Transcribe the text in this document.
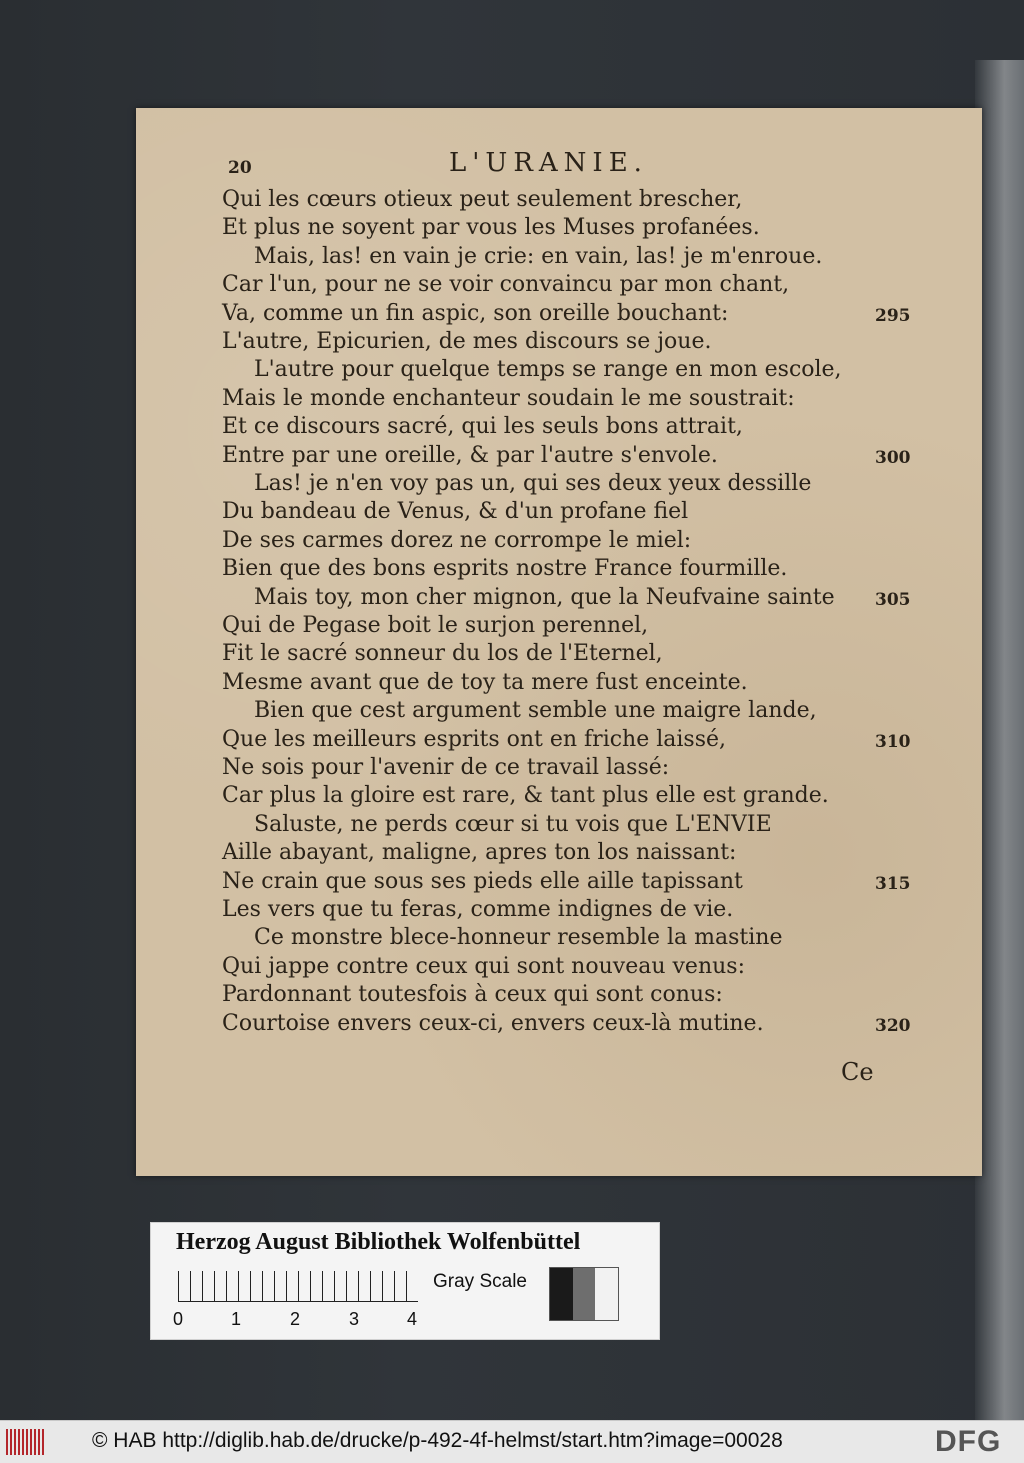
20	L'URANIE.
Qui les cœurs otieux peut seulement brescher,
Et plus ne soyent par vous les Muses profanées.
Mais, las! en vain je crie: en vain, las! je m'enroue.
Car l'un, pour ne se voir convaincu par mon chant,
Va, comme un fin aspic, son oreille bouchant:	295
L'autre, Epicurien, de mes discours se joue.
L'autre pour quelque temps se range en mon escole,
Mais le monde enchanteur soudain le me soustrait:
Et ce discours sacré, qui les seuls bons attrait,
Entre par une oreille, & par l'autre s'envole.	300
Las! je n'en voy pas un, qui ses deux yeux dessille
Du bandeau de Venus, & d'un profane fiel
De ses carmes dorez ne corrompe le miel:
Bien que des bons esprits nostre France fourmille.
Mais toy, mon cher mignon, que la Neufvaine sainte 305
Qui de Pegase boit le surjon perennel,
Fit le sacré sonneur du los de l'Eternel,
Mesme avant que de toy ta mere fust enceinte.
Bien que cest argument semble une maigre lande,
Que les meilleurs esprits ont en friche laissé,	310
Ne sois pour l'avenir de ce travail lassé:
Car plus la gloire est rare, & tant plus elle est grande.
Saluste, ne perds cœur si tu vois que L'ENVIE
Aille abayant, maligne, apres ton los naissant:
Ne crain que sous ses pieds elle aille tapissant	315
Les vers que tu feras, comme indignes de vie.
Ce monstre blece-honneur resemble la mastine
Qui jappe contre ceux qui sont nouveau venus:
Pardonnant toutesfois à ceux qui sont conus:
Courtoise envers ceux-ci, envers ceux-là mutine.	320
Ce
Herzog August Bibliothek Wolfenbüttel
0	1	2	3	4
Gray Scale
© HAB http://diglib.hab.de/drucke/p-492-4f-helmst/start.htm?image=00028	DFG
